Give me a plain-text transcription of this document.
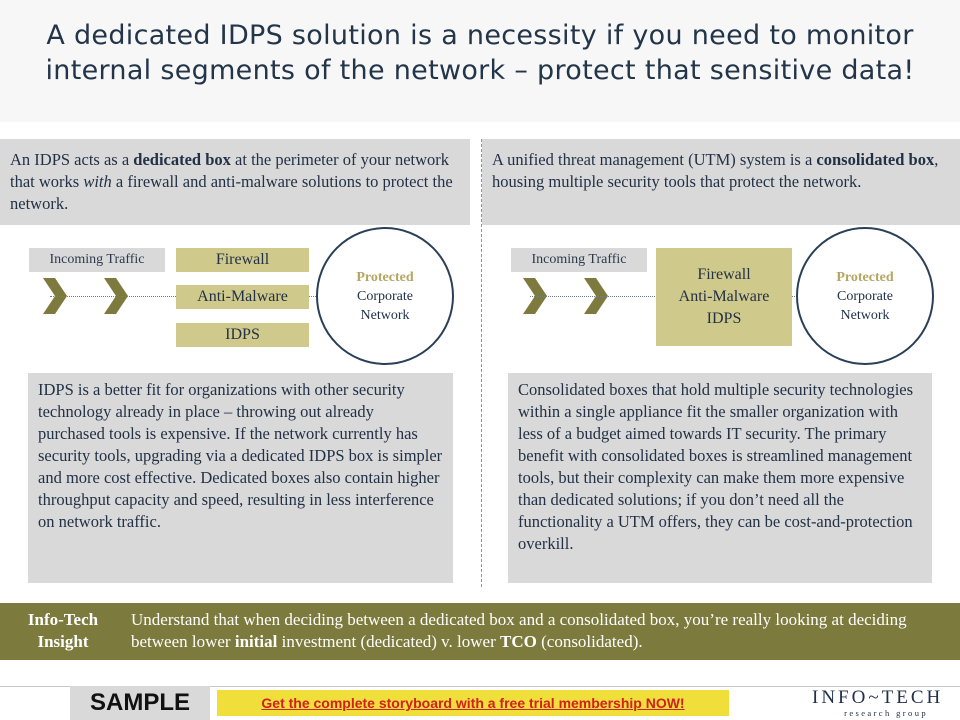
A dedicated IDPS solution is a necessity if you need to monitor internal segments of the network – protect that sensitive data!

An IDPS acts as a dedicated box at the perimeter of your network that works with a firewall and anti-malware solutions to protect the network.

A unified threat management (UTM) system is a consolidated box, housing multiple security tools that protect the network.

Incoming Traffic	Firewall
Anti-Malware
IDPS
Protected
Corporate
Network
Incoming Traffic
Firewall
Anti-Malware
IDPS
Protected
Corporate
Network

IDPS is a better fit for organizations with other security technology already in place – throwing out already purchased tools is expensive. If the network currently has security tools, upgrading via a dedicated IDPS box is simpler and more cost effective. Dedicated boxes also contain higher throughput capacity and speed, resulting in less interference on network traffic.

Consolidated boxes that hold multiple security technologies within a single appliance fit the smaller organization with less of a budget aimed towards IT security. The primary benefit with consolidated boxes is streamlined management tools, but their complexity can make them more expensive than dedicated solutions; if you don’t need all the functionality a UTM offers, they can be cost-and-protection overkill.

Info-Tech
Insight
Understand that when deciding between a dedicated box and a consolidated box, you’re really looking at deciding between lower initial investment (dedicated) v. lower TCO (consolidated).
SAMPLE	Get the complete storyboard with a free trial membership NOW!	INFO~TECH
research group
